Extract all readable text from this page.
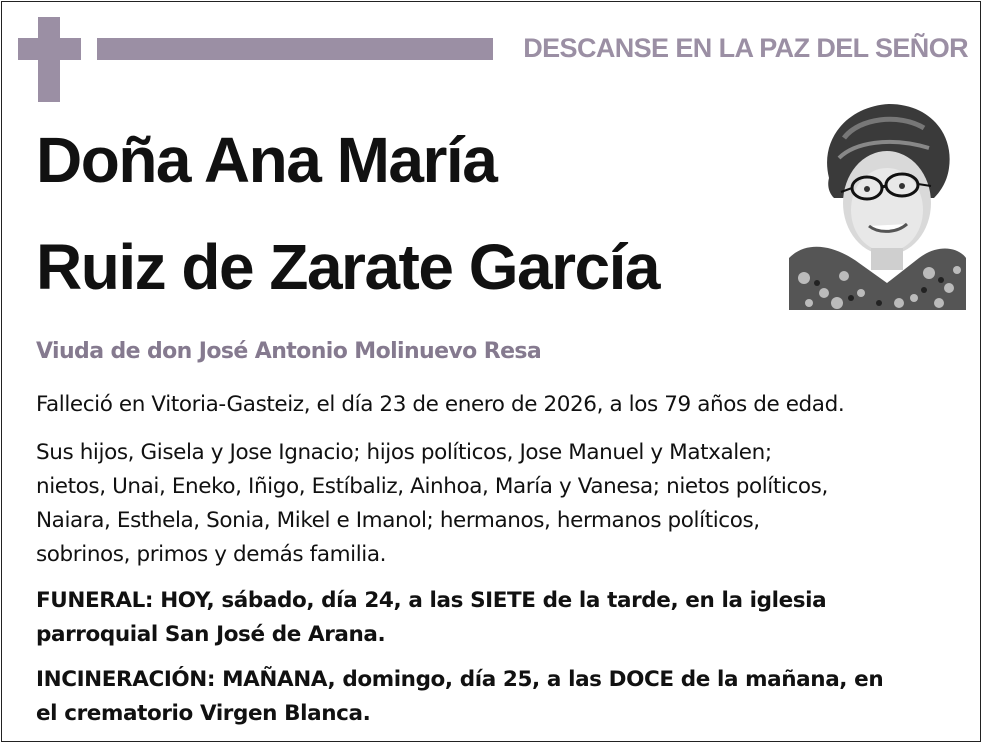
DESCANSE EN LA PAZ DEL SEÑOR
Doña Ana María
Ruiz de Zarate García
Viuda de don José Antonio Molinuevo Resa
Falleció en Vitoria-Gasteiz, el día 23 de enero de 2026, a los 79 años de edad.
Sus hijos, Gisela y Jose Ignacio; hijos políticos, Jose Manuel y Matxalen;
nietos, Unai, Eneko, Iñigo, Estíbaliz, Ainhoa, María y Vanesa; nietos políticos,
Naiara, Esthela, Sonia, Mikel e Imanol; hermanos, hermanos políticos,
sobrinos, primos y demás familia.
FUNERAL: HOY, sábado, día 24, a las SIETE de la tarde, en la iglesia
parroquial San José de Arana.
INCINERACIÓN: MAÑANA, domingo, día 25, a las DOCE de la mañana, en
el crematorio Virgen Blanca.
